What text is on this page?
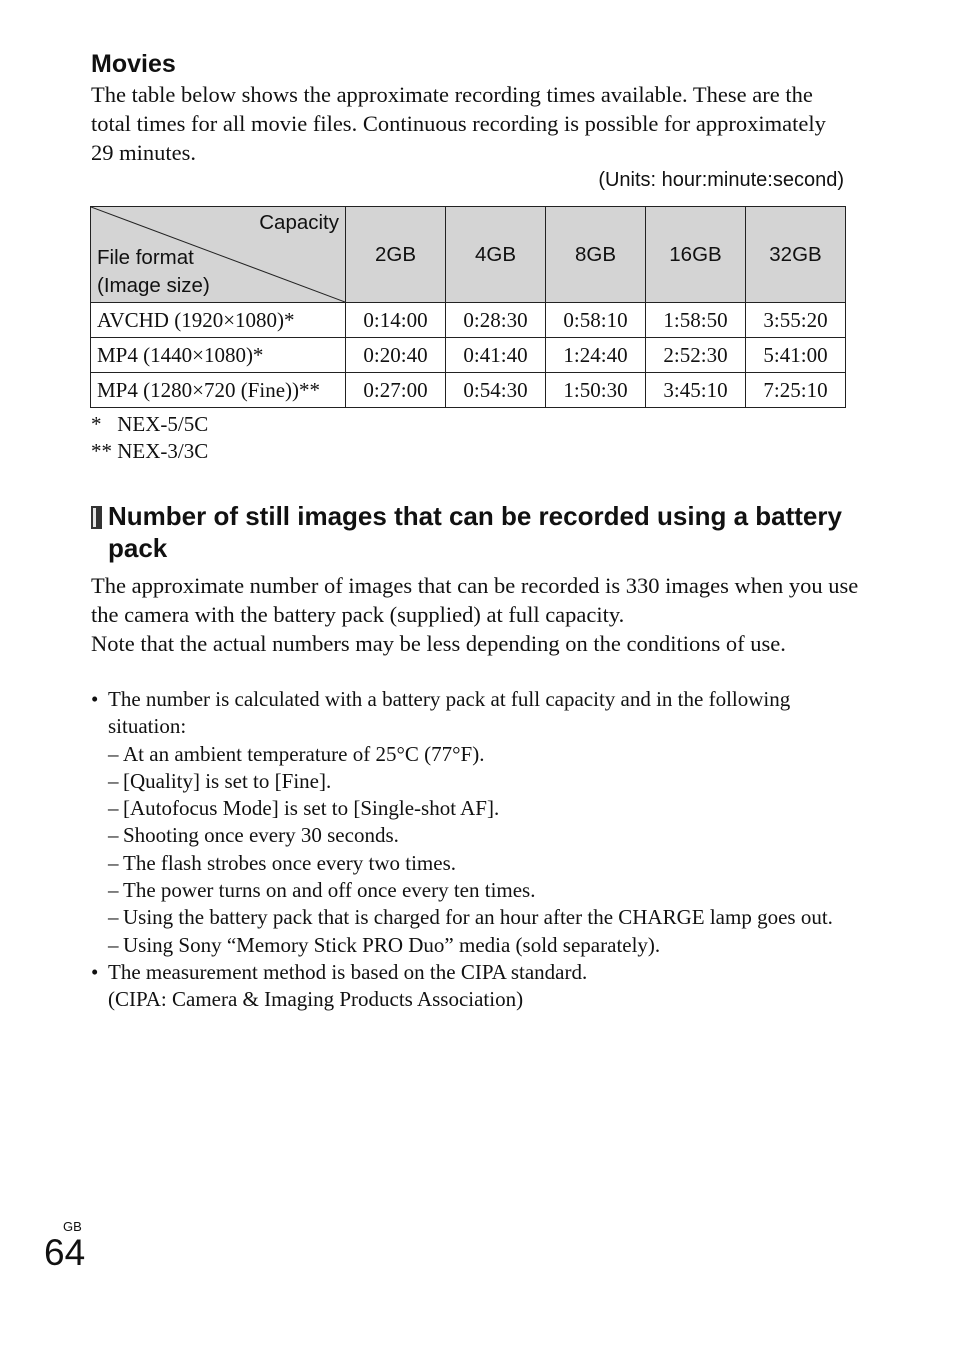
Movies

The table below shows the approximate recording times available. These are the total times for all movie files. Continuous recording is possible for approximately 29 minutes.

(Units: hour:minute:second)
Capacity
File format
(Image size)	2GB	4GB	8GB	16GB	32GB
AVCHD (1920×1080)*	0:14:00	0:28:30	0:58:10	1:58:50	3:55:20
MP4 (1440×1080)*	0:20:40	0:41:40	1:24:40	2:52:30	5:41:00
MP4 (1280×720 (Fine))**	0:27:00	0:54:30	1:50:30	3:45:10	7:25:10
* NEX-5/5C
** NEX-3/3C
Number of still images that can be recorded using a battery pack
The approximate number of images that can be recorded is 330 images when you use the camera with the battery pack (supplied) at full capacity.
Note that the actual numbers may be less depending on the conditions of use.
• The number is calculated with a battery pack at full capacity and in the following situation:
– At an ambient temperature of 25°C (77°F).
– [Quality] is set to [Fine].
– [Autofocus Mode] is set to [Single-shot AF].
– Shooting once every 30 seconds.
– The flash strobes once every two times.
– The power turns on and off once every ten times.
– Using the battery pack that is charged for an hour after the CHARGE lamp goes out.
– Using Sony “Memory Stick PRO Duo” media (sold separately).
• The measurement method is based on the CIPA standard.
(CIPA: Camera & Imaging Products Association)
GB
64
